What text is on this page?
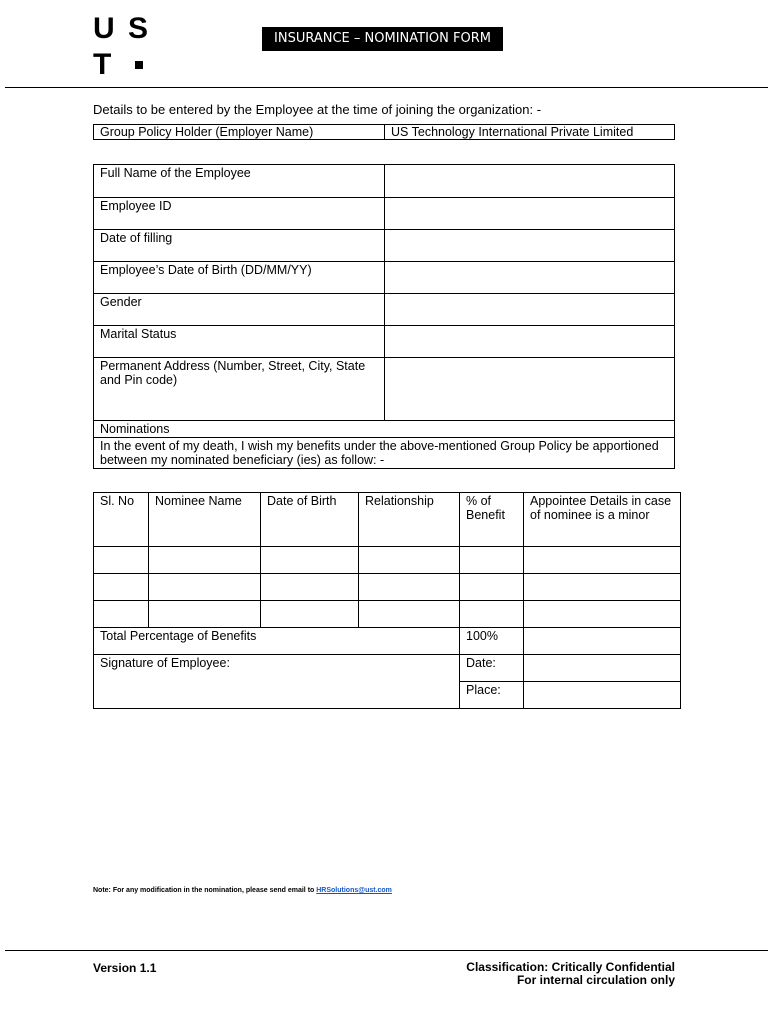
U S
T
INSURANCE – NOMINATION FORM
Details to be entered by the Employee at the time of joining the organization: -
Group Policy Holder (Employer Name)	US Technology International Private Limited
Full Name of the Employee	
Employee ID	
Date of filling	
Employee’s Date of Birth (DD/MM/YY)	
Gender	
Marital Status	
Permanent Address (Number, Street, City, State and Pin code)	
Nominations	
In the event of my death, I wish my benefits under the above-mentioned Group Policy be apportioned between my nominated beneficiary (ies) as follow: -	
Sl. No	Nominee Name	Date of Birth	Relationship	% of Benefit	Appointee Details in case of nominee is a minor

Total Percentage of Benefits				100%	
Signature of Employee:				Date:	
				Place:	
Note: For any modification in the nomination, please send email to HRSolutions@ust.com
Version 1.1	Classification: Critically Confidential
For internal circulation only
